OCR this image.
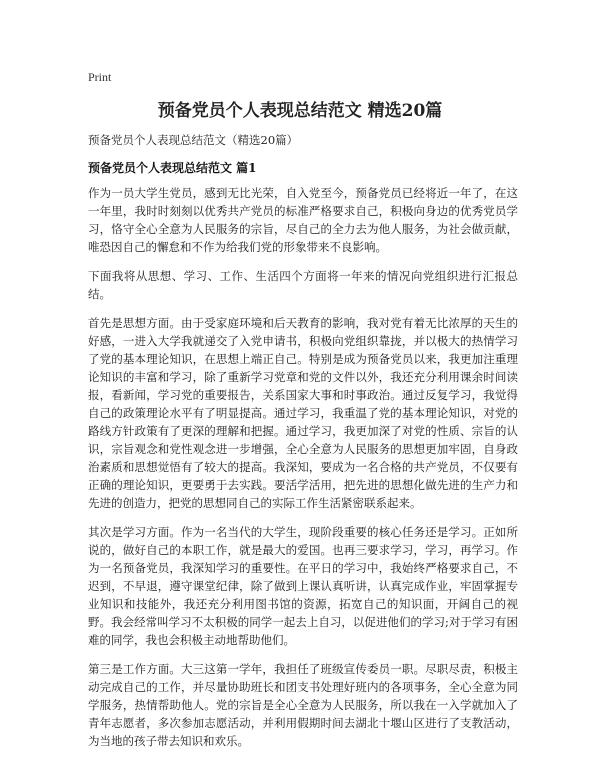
Print
预备党员个人表现总结范文 精选20篇

预备党员个人表现总结范文（精选20篇）

预备党员个人表现总结范文 篇1

作为一员大学生党员，感到无比光荣，自入党至今，预备党员已经将近一年了，在这一年里，我时时刻刻以优秀共产党员的标准严格要求自己，积极向身边的优秀党员学习，恪守全心全意为人民服务的宗旨，尽自己的全力去为他人服务，为社会做贡献，唯恐因自己的懈怠和不作为给我们党的形象带来不良影响。

下面我将从思想、学习、工作、生活四个方面将一年来的情况向党组织进行汇报总结。

首先是思想方面。由于受家庭环境和后天教育的影响，我对党有着无比浓厚的天生的好感，一进入大学我就递交了入党申请书，积极向党组织靠拢，并以极大的热情学习了党的基本理论知识，在思想上端正自己。特别是成为预备党员以来，我更加注重理论知识的丰富和学习，除了重新学习党章和党的文件以外，我还充分利用课余时间读报，看新闻，学习党的重要报告，关系国家大事和时事政治。通过反复学习，我觉得自己的政策理论水平有了明显提高。通过学习，我重温了党的基本理论知识，对党的路线方针政策有了更深的理解和把握。通过学习，我更加深了对党的性质、宗旨的认识，宗旨观念和党性观念进一步增强，全心全意为人民服务的思想更加牢固，自身政治素质和思想觉悟有了较大的提高。我深知，要成为一名合格的共产党员，不仅要有正确的理论知识，更要勇于去实践。要活学活用，把先进的思想化做先进的生产力和先进的创造力，把党的思想同自己的实际工作生活紧密联系起来。

其次是学习方面。作为一名当代的大学生，现阶段重要的核心任务还是学习。正如所说的，做好自己的本职工作，就是最大的爱国。也再三要求学习，学习，再学习。作为一名预备党员，我深知学习的重要性。在平日的学习中，我始终严格要求自己，不迟到，不早退，遵守课堂纪律，除了做到上课认真听讲，认真完成作业，牢固掌握专业知识和技能外，我还充分利用图书馆的资源，拓宽自己的知识面，开阔自己的视野。我会经常叫学习不太积极的同学一起去上自习，以促进他们的学习;对于学习有困难的同学，我也会积极主动地帮助他们。

第三是工作方面。大三这第一学年，我担任了班级宣传委员一职。尽职尽责，积极主动完成自己的工作，并尽量协助班长和团支书处理好班内的各项事务，全心全意为同学服务，热情帮助他人。党的宗旨是全心全意为人民服务，所以我在一入学就加入了青年志愿者，多次参加志愿活动，并利用假期时间去湖北十堰山区进行了支教活动，为当地的孩子带去知识和欢乐。
